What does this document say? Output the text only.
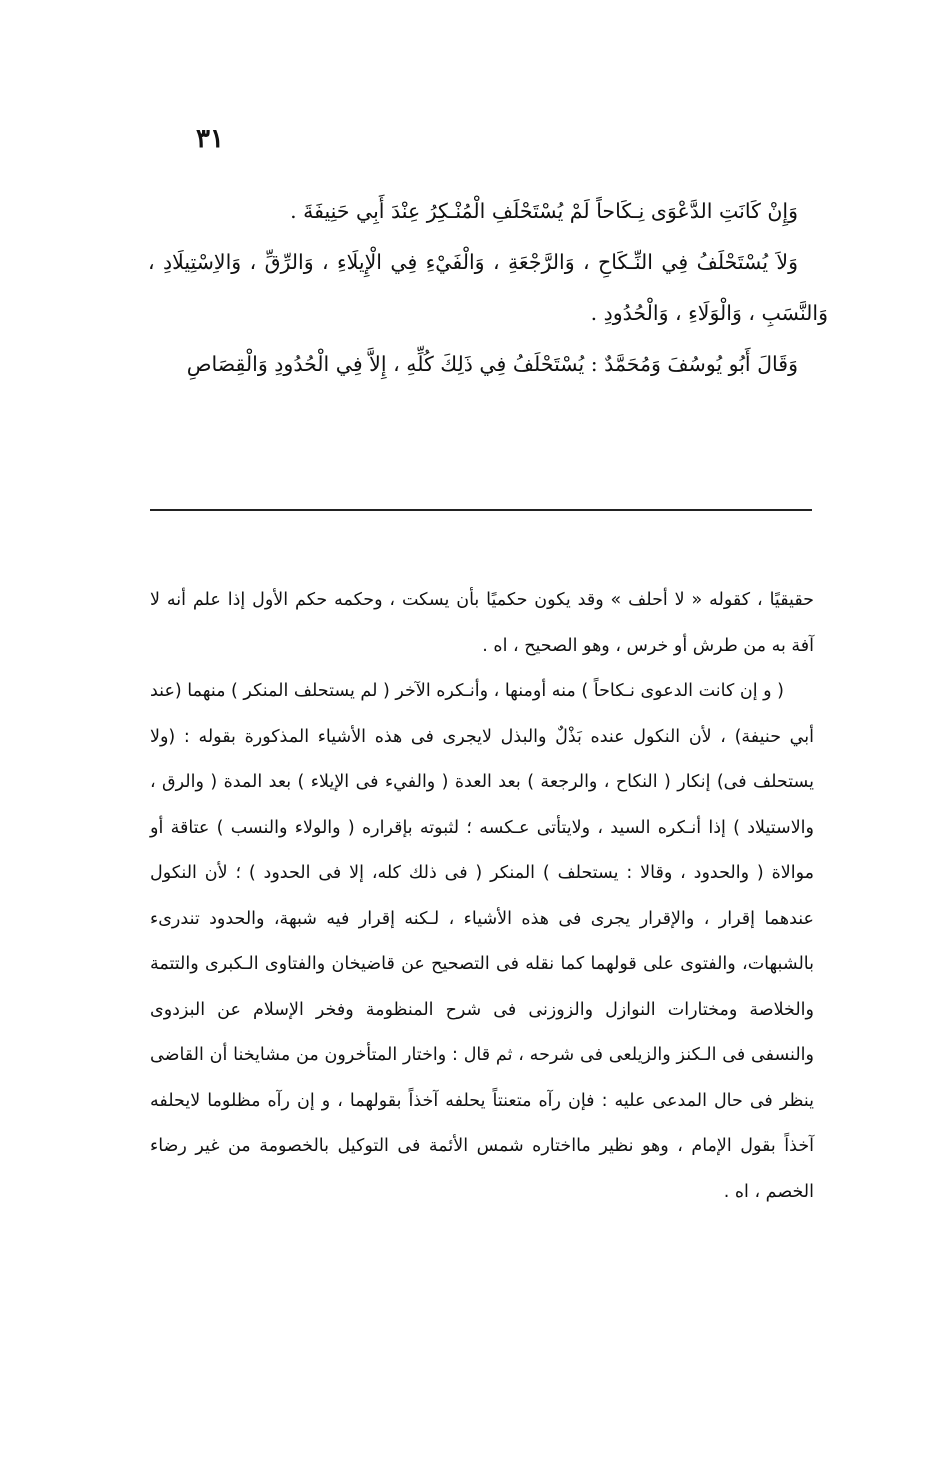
٣١

وَإِنْ كَانَتِ الدَّعْوَى نِـكَاحاً لَمْ يُسْتَحْلَفِ الْمُنْـكِرُ عِنْدَ أَبِي حَنِيفَةَ .

وَلاَ يُسْتَحْلَفُ فِي النِّـكَاحِ ، وَالرَّجْعَةِ ، وَالْفَيْءِ فِي الْإِيلَاءِ ، وَالرِّقِّ ، وَالاِسْتِيلَادِ ، وَالنَّسَبِ ، وَالْوَلَاءِ ، وَالْحُدُودِ .

وَقَالَ أَبُو يُوسُفَ وَمُحَمَّدٌ : يُسْتَحْلَفُ فِي ذَلِكَ كُلِّهِ ، إِلاَّ فِي الْحُدُودِ وَالْقِصَاصِ

حقيقيًا ، كقوله « لا أحلف » وقد يكون حكميًا بأن يسكت ، وحكمه حكم الأول إذا علم أنه لا آفة به من طرش أو خرس ، وهو الصحيح ، اه .

( و إن كانت الدعوى نـكاحاً ) منه أومنها ، وأنـكره الآخر ( لم يستحلف المنكر ) منهما (عند أبي حنيفة) ، لأن النكول عنده بَذْلٌ والبذل لايجرى فى هذه الأشياء المذكورة بقوله : (ولا يستحلف فى) إنكار ( النكاح ، والرجعة ) بعد العدة ( والفيء فى الإيلاء ) بعد المدة ( والرق ، والاستيلاد ) إذا أنـكره السيد ، ولايتأتى عـكسه ؛ لثبوته بإقراره ( والولاء والنسب ) عتاقة أو موالاة ( والحدود ، وقالا : يستحلف ) المنكر ( فى ذلك كله، إلا فى الحدود ) ؛ لأن النكول عندهما إقرار ، والإقرار يجرى فى هذه الأشياء ، لـكنه إقرار فيه شبهة، والحدود تندرىء بالشبهات، والفتوى على قولهما كما نقله فى التصحيح عن قاضيخان والفتاوى الـكبرى والتتمة والخلاصة ومختارات النوازل والزوزنى فى شرح المنظومة وفخر الإسلام عن البزدوى والنسفى فى الـكنز والزيلعى فى شرحه ، ثم قال : واختار المتأخرون من مشايخنا أن القاضى ينظر فى حال المدعى عليه : فإن رآه متعنتاً يحلفه آخذاً بقولهما ، و إن رآه مظلوما لايحلفه آخذاً بقول الإمام ، وهو نظير مااختاره شمس الأئمة فى التوكيل بالخصومة من غير رضاء الخصم ، اه .
